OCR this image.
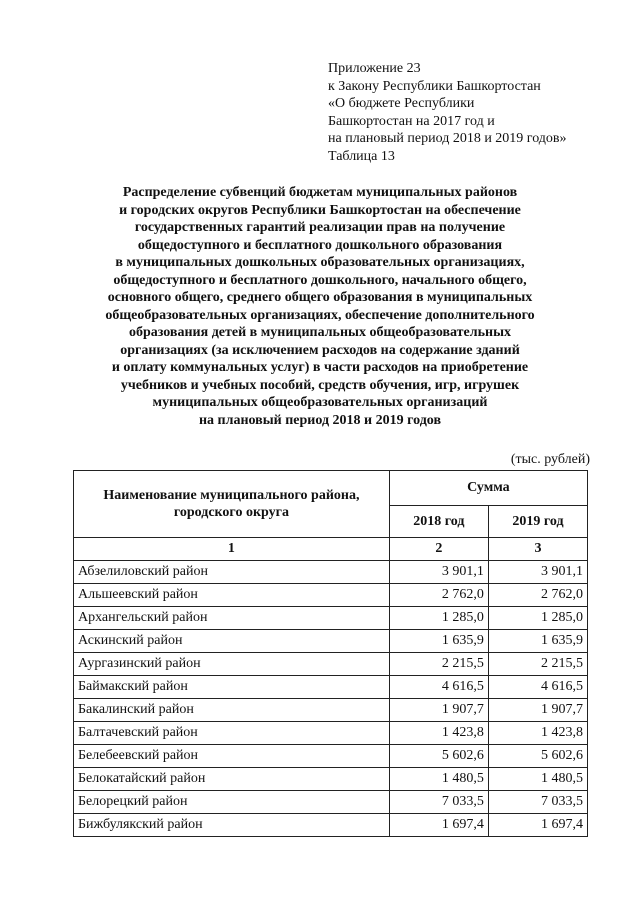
Приложение 23
к Закону Республики Башкортостан
«О бюджете Республики
Башкортостан на 2017 год и
на плановый период 2018 и 2019 годов»
Таблица 13
Распределение субвенций бюджетам муниципальных районов
и городских округов Республики Башкортостан на обеспечение
государственных гарантий реализации прав на получение
общедоступного и бесплатного дошкольного образования
в муниципальных дошкольных образовательных организациях,
общедоступного и бесплатного дошкольного, начального общего,
основного общего, среднего общего образования в муниципальных
общеобразовательных организациях, обеспечение дополнительного
образования детей в муниципальных общеобразовательных
организациях (за исключением расходов на содержание зданий
и оплату коммунальных услуг) в части расходов на приобретение
учебников и учебных пособий, средств обучения, игр, игрушек
муниципальных общеобразовательных организаций
на плановый период 2018 и 2019 годов
(тыс. рублей)
Наименование муниципального района,
городского округа	Сумма	
	2018 год	2019 год
1	2	3
Абзелиловский район	3 901,1	3 901,1
Альшеевский район	2 762,0	2 762,0
Архангельский район	1 285,0	1 285,0
Аскинский район	1 635,9	1 635,9
Аургазинский район	2 215,5	2 215,5
Баймакский район	4 616,5	4 616,5
Бакалинский район	1 907,7	1 907,7
Балтачевский район	1 423,8	1 423,8
Белебеевский район	5 602,6	5 602,6
Белокатайский район	1 480,5	1 480,5
Белорецкий район	7 033,5	7 033,5
Бижбулякский район	1 697,4	1 697,4
